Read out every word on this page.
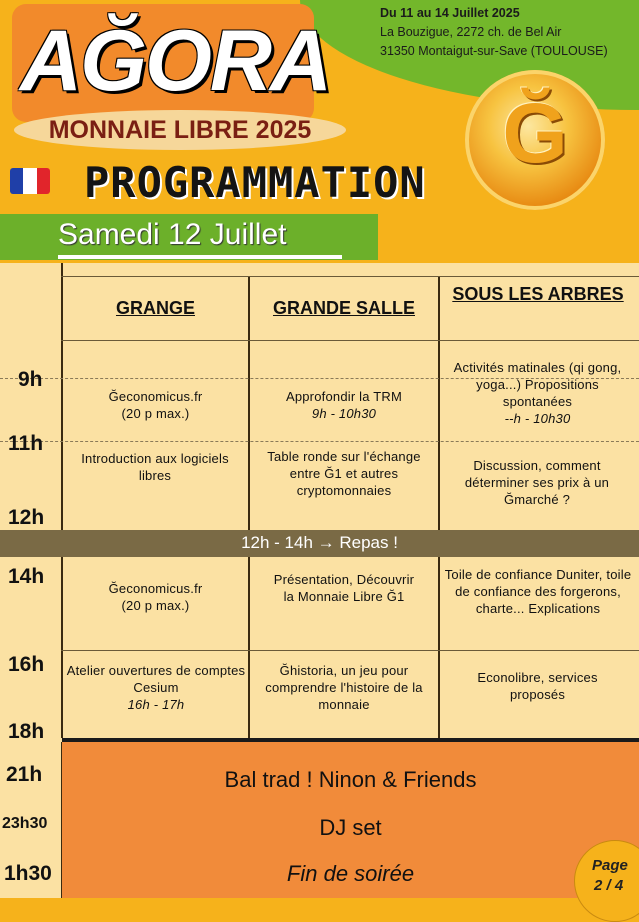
AĞORA
MONNAIE LIBRE 2025
Du 11 au 14 Juillet 2025
La Bouzigue, 2272 ch. de Bel Air
31350 Montaigut-sur-Save (TOULOUSE)
Ğ
PROGRAMMATION
Samedi 12 Juillet
GRANGE	GRANDE SALLE
SOUS LES ARBRES
9h
11h
12h
14h
16h
18h
21h
23h30
1h30
Ğeconomicus.fr
(20 p max.)
Approfondir la TRM
9h - 10h30
Activités matinales (qi gong, yoga...) Propositions spontanées
--h - 10h30
Introduction aux logiciels libres
Table ronde sur l'échange entre Ğ1 et autres cryptomonnaies
Discussion, comment déterminer ses prix à un Ğmarché ?
12h - 14h → Repas !
Ğeconomicus.fr
(20 p max.)
Présentation, Découvrir la Monnaie Libre Ğ1
Toile de confiance Duniter, toile de confiance des forgerons, charte... Explications
Atelier ouvertures de comptes Cesium
16h - 17h
Ğhistoria, un jeu pour comprendre l'histoire de la monnaie
Econolibre, services proposés
Bal trad ! Ninon & Friends
DJ set
Fin de soirée	Page
2 / 4
